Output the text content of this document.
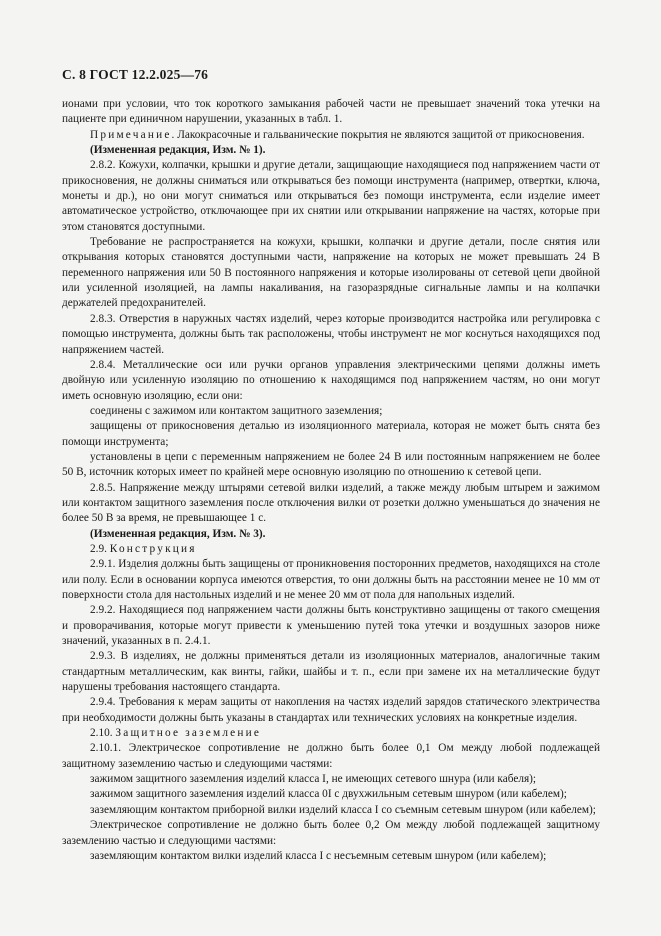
С. 8 ГОСТ 12.2.025—76

ионами при условии, что ток короткого замыкания рабочей части не превышает значений тока утечки на пациенте при единичном нарушении, указанных в табл. 1.

Примечание. Лакокрасочные и гальванические покрытия не являются защитой от прикосновения.

(Измененная редакция, Изм. № 1).

2.8.2. Кожухи, колпачки, крышки и другие детали, защищающие находящиеся под напряжением части от прикосновения, не должны сниматься или открываться без помощи инструмента (например, отвертки, ключа, монеты и др.), но они могут сниматься или открываться без помощи инструмента, если изделие имеет автоматическое устройство, отключающее при их снятии или открывании напряжение на частях, которые при этом становятся доступными.

Требование не распространяется на кожухи, крышки, колпачки и другие детали, после снятия или открывания которых становятся доступными части, напряжение на которых не может превышать 24 В переменного напряжения или 50 В постоянного напряжения и которые изолированы от сетевой цепи двойной или усиленной изоляцией, на лампы накаливания, на газоразрядные сигнальные лампы и на колпачки держателей предохранителей.

2.8.3. Отверстия в наружных частях изделий, через которые производится настройка или регулировка с помощью инструмента, должны быть так расположены, чтобы инструмент не мог коснуться находящихся под напряжением частей.

2.8.4. Металлические оси или ручки органов управления электрическими цепями должны иметь двойную или усиленную изоляцию по отношению к находящимся под напряжением частям, но они могут иметь основную изоляцию, если они:

соединены с зажимом или контактом защитного заземления;

защищены от прикосновения деталью из изоляционного материала, которая не может быть снята без помощи инструмента;

установлены в цепи с переменным напряжением не более 24 В или постоянным напряжением не более 50 В, источник которых имеет по крайней мере основную изоляцию по отношению к сетевой цепи.

2.8.5. Напряжение между штырями сетевой вилки изделий, а также между любым штырем и зажимом или контактом защитного заземления после отключения вилки от розетки должно уменьшаться до значения не более 50 В за время, не превышающее 1 с.

(Измененная редакция, Изм. № 3).

2.9. Конструкция

2.9.1. Изделия должны быть защищены от проникновения посторонних предметов, находящихся на столе или полу. Если в основании корпуса имеются отверстия, то они должны быть на расстоянии менее не 10 мм от поверхности стола для настольных изделий и не менее 20 мм от пола для напольных изделий.

2.9.2. Находящиеся под напряжением части должны быть конструктивно защищены от такого смещения и проворачивания, которые могут привести к уменьшению путей тока утечки и воздушных зазоров ниже значений, указанных в п. 2.4.1.

2.9.3. В изделиях, не должны применяться детали из изоляционных материалов, аналогичные таким стандартным металлическим, как винты, гайки, шайбы и т. п., если при замене их на металлические будут нарушены требования настоящего стандарта.

2.9.4. Требования к мерам защиты от накопления на частях изделий зарядов статического электричества при необходимости должны быть указаны в стандартах или технических условиях на конкретные изделия.

2.10. Защитное заземление

2.10.1. Электрическое сопротивление не должно быть более 0,1 Ом между любой подлежащей защитному заземлению частью и следующими частями:

зажимом защитного заземления изделий класса I, не имеющих сетевого шнура (или кабеля);

зажимом защитного заземления изделий класса 0I с двухжильным сетевым шнуром (или кабелем);

заземляющим контактом приборной вилки изделий класса I со съемным сетевым шнуром (или кабелем);

Электрическое сопротивление не должно быть более 0,2 Ом между любой подлежащей защитному заземлению частью и следующими частями:

заземляющим контактом вилки изделий класса I с несъемным сетевым шнуром (или кабелем);
